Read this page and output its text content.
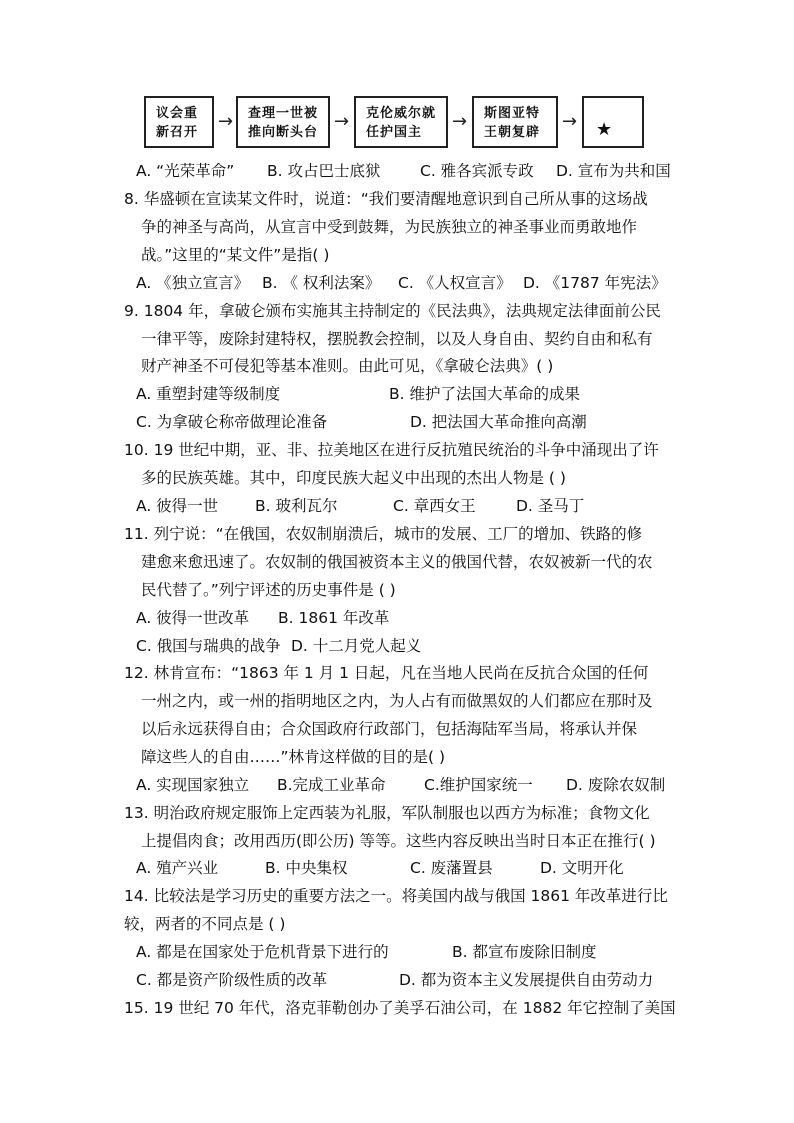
议会重
新召开
→ 查理一世被
推向断头台
→ 克伦威尔就
任护国主
→ 斯图亚特
王朝复辟
→ ★
A. “光荣革命” B. 攻占巴士底狱	C. 雅各宾派专政 D. 宣布为共和国
8. 华盛顿在宣读某文件时，说道：“我们要清醒地意识到自己所从事的这场战
争的神圣与高尚，从宣言中受到鼓舞，为民族独立的神圣事业而勇敢地作
战。”这里的“某文件”是指( )
A. 《独立宣言》 B. 《 权利法案》 C. 《人权宣言》 D. 《1787 年宪法》
9. 1804 年，拿破仑颁布实施其主持制定的《民法典》，法典规定法律面前公民
一律平等，废除封建特权，摆脱教会控制，以及人身自由、契约自由和私有
财产神圣不可侵犯等基本准则。由此可见，《拿破仑法典》( )
A. 重塑封建等级制度	B. 维护了法国大革命的成果
C. 为拿破仑称帝做理论准备	D. 把法国大革命推向高潮
10. 19 世纪中期，亚、非、拉美地区在进行反抗殖民统治的斗争中涌现出了许
多的民族英雄。其中，印度民族大起义中出现的杰出人物是 ( )
A. 彼得一世 B. 玻利瓦尔	C. 章西女王	D. 圣马丁
11. 列宁说：“在俄国，农奴制崩溃后，城市的发展、工厂的增加、铁路的修
建愈来愈迅速了。农奴制的俄国被资本主义的俄国代替，农奴被新一代的农
民代替了。”列宁评述的历史事件是 ( )
A. 彼得一世改革 B. 1861 年改革
C. 俄国与瑞典的战争 D. 十二月党人起义
12. 林肯宣布：“1863 年 1 月 1 日起，凡在当地人民尚在反抗合众国的任何
一州之内，或一州的指明地区之内，为人占有而做黑奴的人们都应在那时及
以后永远获得自由；合众国政府行政部门，包括海陆军当局，将承认并保
障这些人的自由……”林肯这样做的目的是( )
A. 实现国家独立 B.完成工业革命 C.维护国家统一 D. 废除农奴制
13. 明治政府规定服饰上定西装为礼服，军队制服也以西方为标准；食物文化
上提倡肉食；改用西历(即公历) 等等。这些内容反映出当时日本正在推行( )
A. 殖产兴业	B. 中央集权	C. 废藩置县	D. 文明开化
14. 比较法是学习历史的重要方法之一。将美国内战与俄国 1861 年改革进行比
较，两者的不同点是 ( )
A. 都是在国家处于危机背景下进行的	B. 都宣布废除旧制度
C. 都是资产阶级性质的改革	D. 都为资本主义发展提供自由劳动力
15. 19 世纪 70 年代，洛克菲勒创办了美孚石油公司，在 1882 年它控制了美国
